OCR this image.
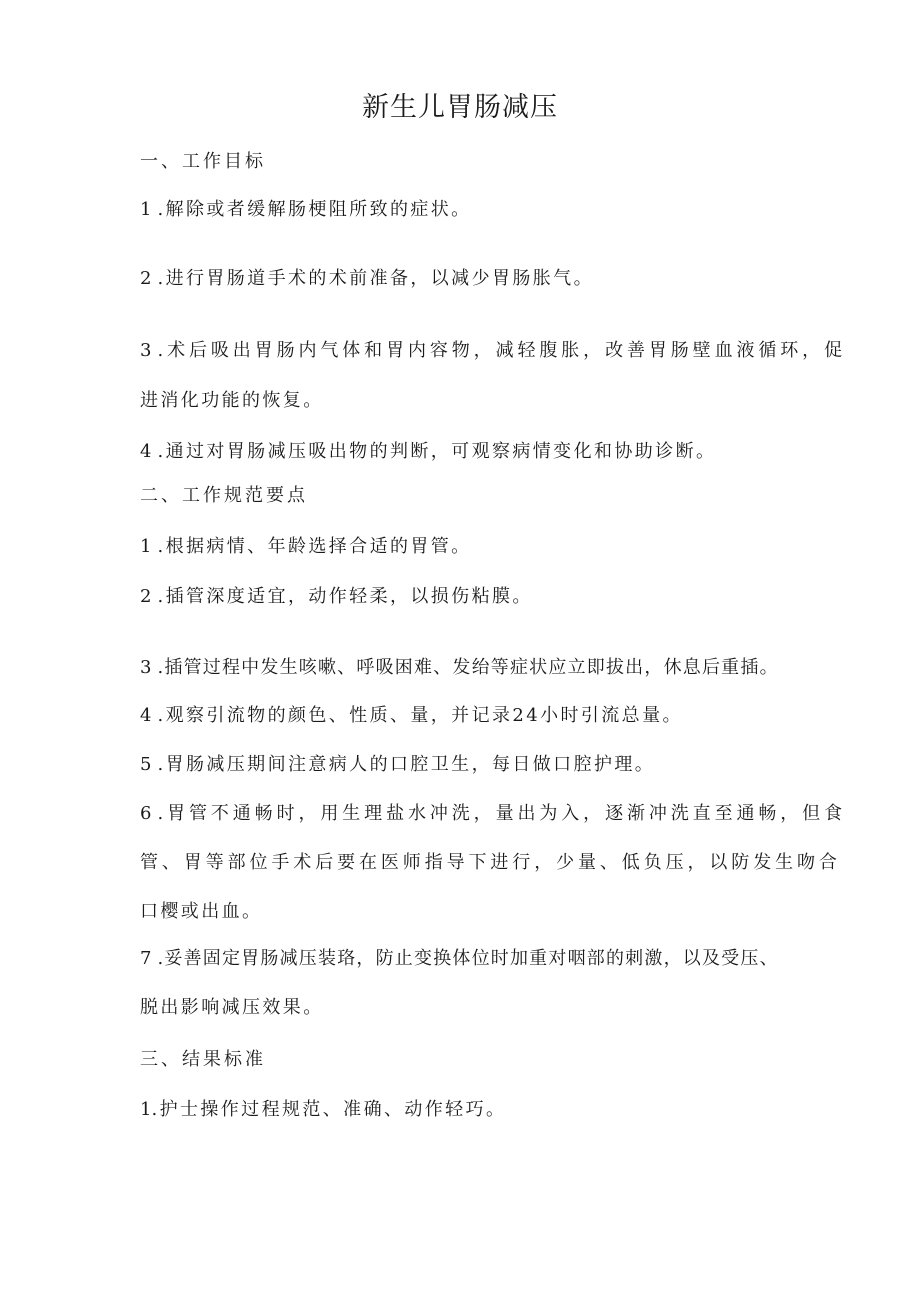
新生儿胃肠减压

一、工作目标

1 .解除或者缓解肠梗阻所致的症状。

2 .进行胃肠道手术的术前准备，以减少胃肠胀气。

3 .术后吸出胃肠内气体和胃内容物，减轻腹胀，改善胃肠壁血液循环，促

进消化功能的恢复。

4 .通过对胃肠减压吸出物的判断，可观察病情变化和协助诊断。

二、工作规范要点

1 .根据病情、年龄选择合适的胃管。

2 .插管深度适宜，动作轻柔，以损伤粘膜。

3 .插管过程中发生咳嗽、呼吸困难、发绐等症状应立即拔出，休息后重插。

4 .观察引流物的颜色、性质、量，并记录24小时引流总量。

5 .胃肠减压期间注意病人的口腔卫生，每日做口腔护理。

6 .胃管不通畅时，用生理盐水冲洗，量出为入，逐渐冲洗直至通畅，但食

管、胃等部位手术后要在医师指导下进行，少量、低负压，以防发生吻合

口樱或出血。

7 .妥善固定胃肠减压装珞，防止变换体位时加重对咽部的刺激，以及受压、

脱出影响减压效果。

三、结果标准

1.护士操作过程规范、准确、动作轻巧。
